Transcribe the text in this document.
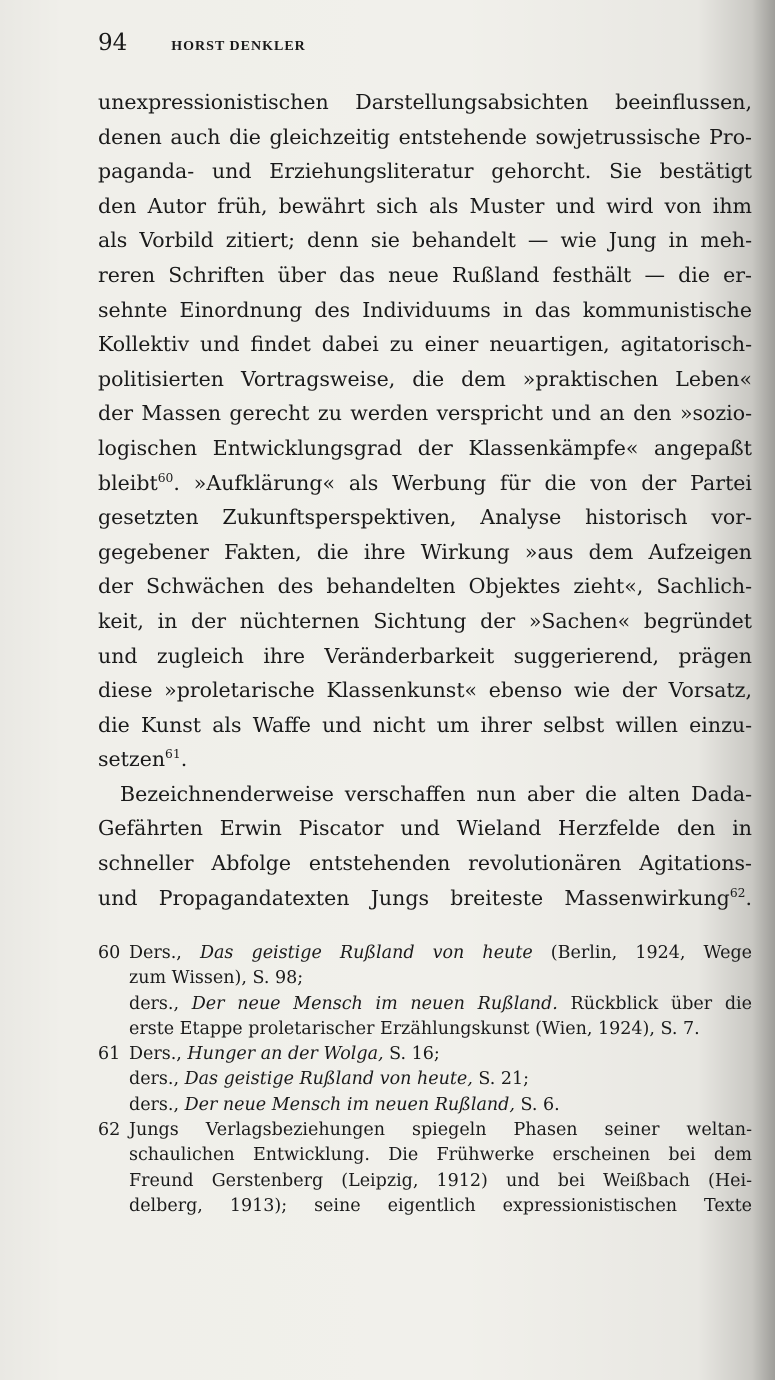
94	HORST DENKLER
unexpressionistischen Darstellungsabsichten beeinflussen,
denen auch die gleichzeitig entstehende sowjetrussische Pro-
paganda- und Erziehungsliteratur gehorcht. Sie bestätigt
den Autor früh, bewährt sich als Muster und wird von ihm
als Vorbild zitiert; denn sie behandelt — wie Jung in meh-
reren Schriften über das neue Rußland festhält — die er-
sehnte Einordnung des Individuums in das kommunistische
Kollektiv und findet dabei zu einer neuartigen, agitatorisch-
politisierten Vortragsweise, die dem »praktischen Leben«
der Massen gerecht zu werden verspricht und an den »sozio-
logischen Entwicklungsgrad der Klassenkämpfe« angepaßt
bleibt$^{60}$. »Aufklärung« als Werbung für die von der Partei
gesetzten Zukunftsperspektiven, Analyse historisch vor-
gegebener Fakten, die ihre Wirkung »aus dem Aufzeigen
der Schwächen des behandelten Objektes zieht«, Sachlich-
keit, in der nüchternen Sichtung der »Sachen« begründet
und zugleich ihre Veränderbarkeit suggerierend, prägen
diese »proletarische Klassenkunst« ebenso wie der Vorsatz,
die Kunst als Waffe und nicht um ihrer selbst willen einzu-
setzen$^{61}$.
Bezeichnenderweise verschaffen nun aber die alten Dada-
Gefährten Erwin Piscator und Wieland Herzfelde den in
schneller Abfolge entstehenden revolutionären Agitations-
und Propagandatexten Jungs breiteste Massenwirkung$^{62}$.
60 Ders., Das geistige Rußland von heute (Berlin, 1924, Wege
zum Wissen), S. 98;
ders., Der neue Mensch im neuen Rußland. Rückblick über die
erste Etappe proletarischer Erzählungskunst (Wien, 1924), S. 7.
61 Ders., Hunger an der Wolga, S. 16;
ders., Das geistige Rußland von heute, S. 21;
ders., Der neue Mensch im neuen Rußland, S. 6.
62 Jungs Verlagsbeziehungen spiegeln Phasen seiner weltan-
schaulichen Entwicklung. Die Frühwerke erscheinen bei dem
Freund Gerstenberg (Leipzig, 1912) und bei Weißbach (Hei-
delberg, 1913); seine eigentlich expressionistischen Texte
